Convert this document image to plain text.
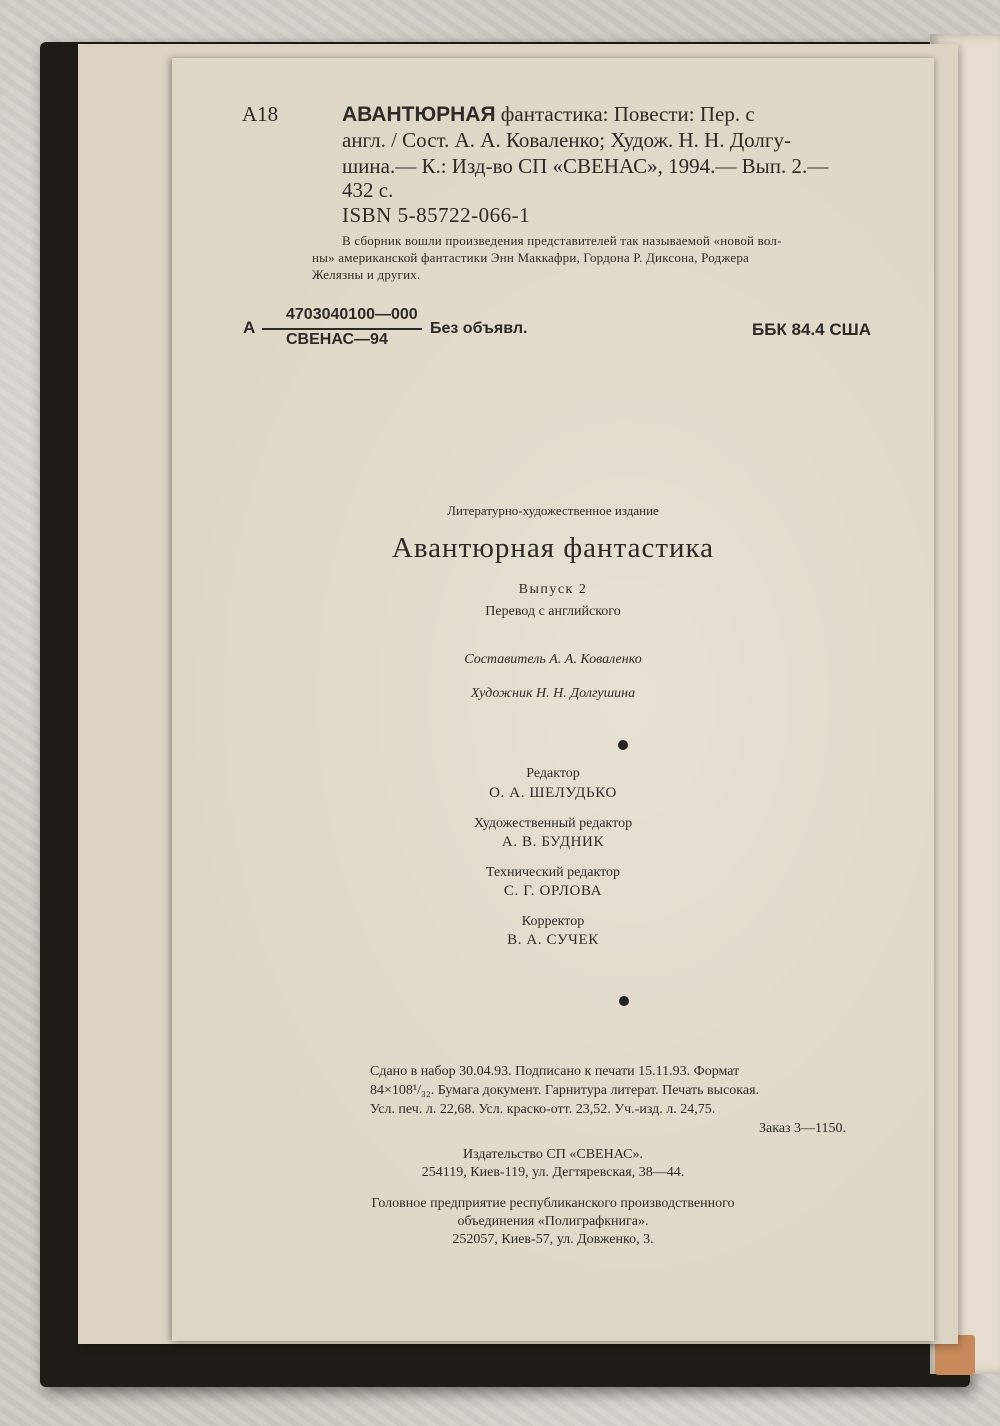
А18	АВАНТЮРНАЯ фантастика: Повести: Пер. с
англ. / Сост. А. А. Коваленко; Худож. Н. Н. Долгу-
шина.— К.: Изд-во СП «СВЕНАС», 1994.— Вып. 2.—
432 с.
ISBN 5-85722-066-1
В сборник вошли произведения представителей так называемой «новой вол-
ны» американской фантастики Энн Маккафри, Гордона Р. Диксона, Роджера
Желязны и других.
А
4703040100—000
СВЕНАС—94
Без объявл.	ББК 84.4 США
Литературно-художественное издание
Авантюрная фантастика
Выпуск 2
Перевод с английского
Составитель А. А. Коваленко
Художник Н. Н. Долгушина
Редактор
О. А. ШЕЛУДЬКО
Художественный редактор
А. В. БУДНИК
Технический редактор
С. Г. ОРЛОВА
Корректор
В. А. СУЧЕК
Сдано в набор 30.04.93. Подписано к печати 15.11.93. Формат
84×108¹/₃₂. Бумага документ. Гарнитура литерат. Печать высокая.
Усл. печ. л. 22,68. Усл. краско-отт. 23,52. Уч.-изд. л. 24,75.
Заказ 3—1150.
Издательство СП «СВЕНАС».
254119, Киев-119, ул. Дегтяревская, 38—44.
Головное предприятие республиканского производственного
объединения «Полиграфкнига».
252057, Киев-57, ул. Довженко, 3.
